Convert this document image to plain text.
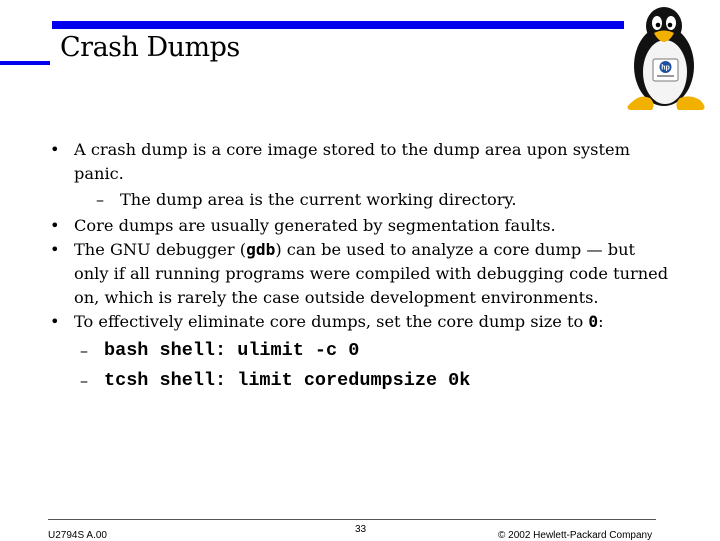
Crash Dumps
hp
• A crash dump is a core image stored to the dump area upon system panic.
– The dump area is the current working directory.
• Core dumps are usually generated by segmentation faults.
• The GNU debugger (gdb) can be used to analyze a core dump — but only if all running programs were compiled with debugging code turned on, which is rarely the case outside development environments.
• To effectively eliminate core dumps, set the core dump size to 0:
– bash shell: ulimit -c 0
– tcsh shell: limit coredumpsize 0k
U2794S A.00
33
© 2002 Hewlett-Packard Company
